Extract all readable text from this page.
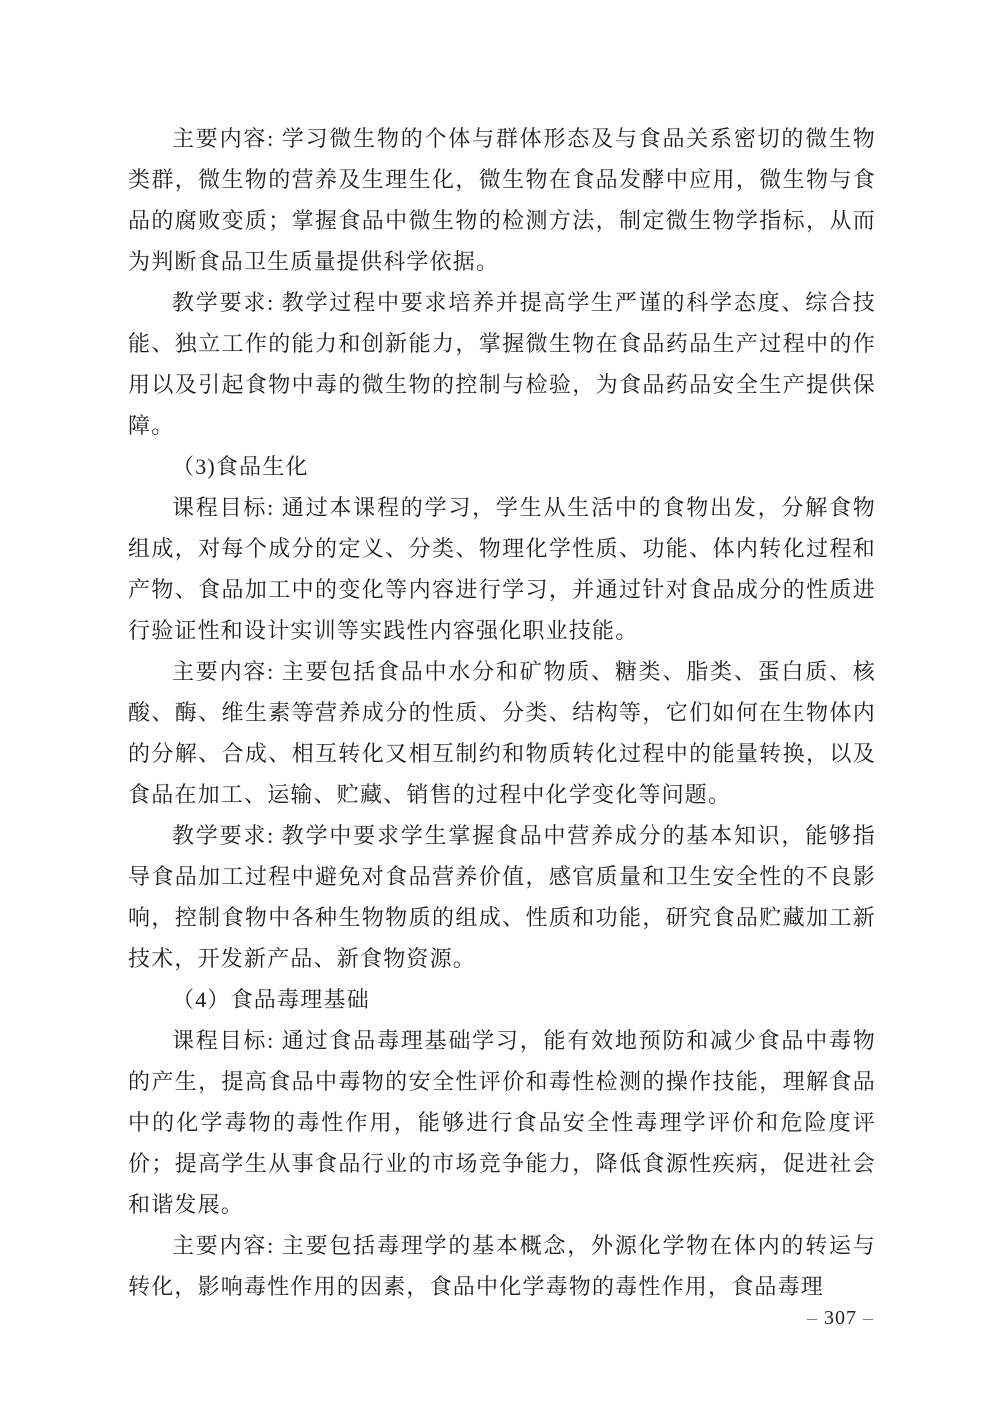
主要内容: 学习微生物的个体与群体形态及与食品关系密切的微生物类群，微生物的营养及生理生化，微生物在食品发酵中应用，微生物与食品的腐败变质；掌握食品中微生物的检测方法，制定微生物学指标，从而为判断食品卫生质量提供科学依据。

教学要求: 教学过程中要求培养并提高学生严谨的科学态度、综合技能、独立工作的能力和创新能力，掌握微生物在食品药品生产过程中的作用以及引起食物中毒的微生物的控制与检验，为食品药品安全生产提供保障。

（3)食品生化

课程目标: 通过本课程的学习，学生从生活中的食物出发，分解食物组成，对每个成分的定义、分类、物理化学性质、功能、体内转化过程和产物、食品加工中的变化等内容进行学习，并通过针对食品成分的性质进行验证性和设计实训等实践性内容强化职业技能。

主要内容: 主要包括食品中水分和矿物质、糖类、脂类、蛋白质、核酸、酶、维生素等营养成分的性质、分类、结构等，它们如何在生物体内的分解、合成、相互转化又相互制约和物质转化过程中的能量转换，以及食品在加工、运输、贮藏、销售的过程中化学变化等问题。

教学要求: 教学中要求学生掌握食品中营养成分的基本知识，能够指导食品加工过程中避免对食品营养价值，感官质量和卫生安全性的不良影响，控制食物中各种生物物质的组成、性质和功能，研究食品贮藏加工新技术，开发新产品、新食物资源。

（4）食品毒理基础

课程目标: 通过食品毒理基础学习，能有效地预防和减少食品中毒物的产生，提高食品中毒物的安全性评价和毒性检测的操作技能，理解食品中的化学毒物的毒性作用，能够进行食品安全性毒理学评价和危险度评价；提高学生从事食品行业的市场竞争能力，降低食源性疾病，促进社会和谐发展。

主要内容: 主要包括毒理学的基本概念，外源化学物在体内的转运与转化，影响毒性作用的因素，食品中化学毒物的毒性作用，食品毒理

– 307 –
